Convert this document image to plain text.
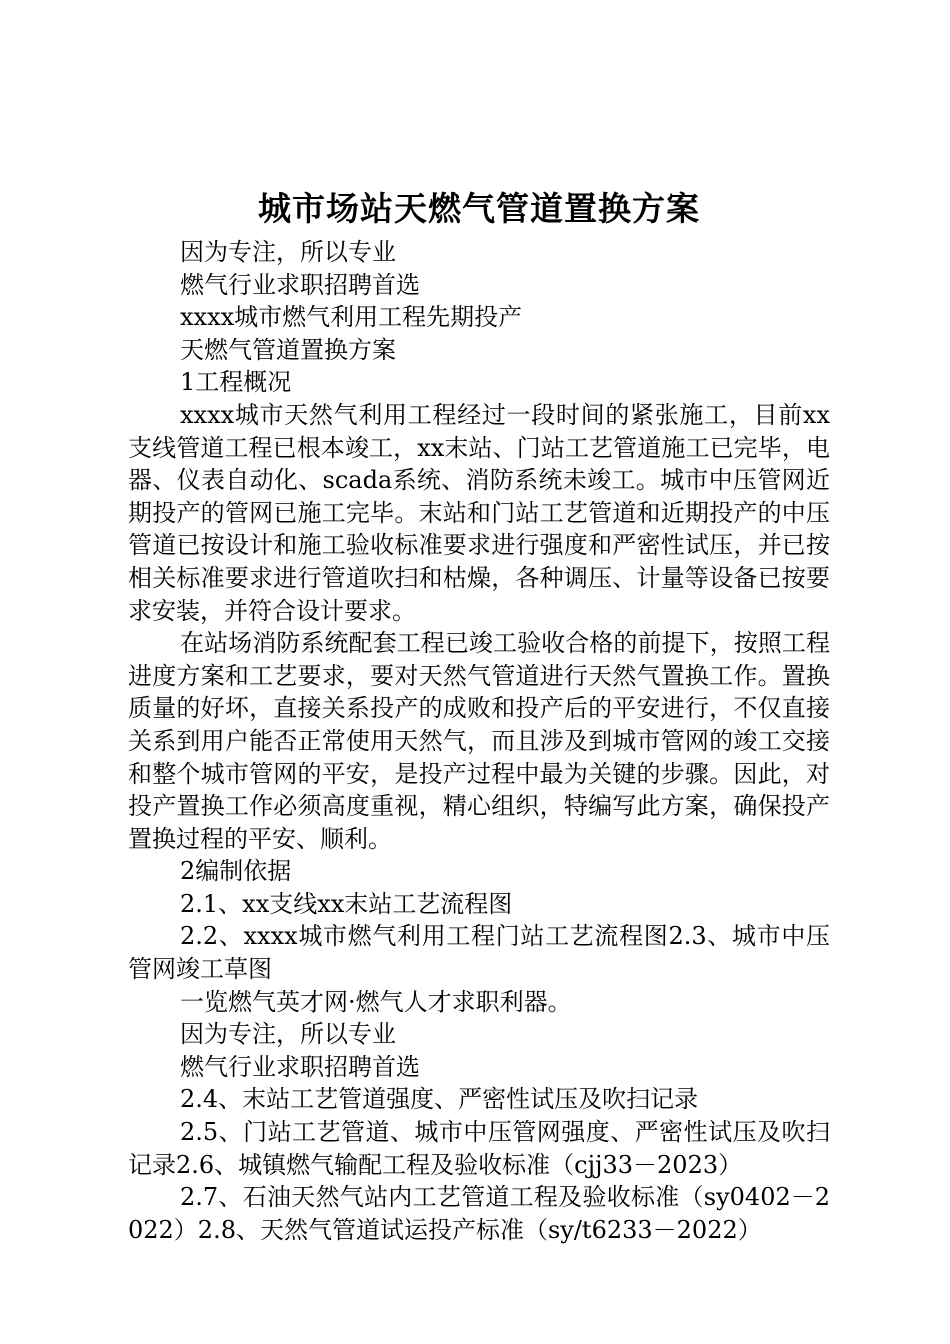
城市场站天燃气管道置换方案

因为专注，所以专业

燃气行业求职招聘首选

xxxx城市燃气利用工程先期投产

天燃气管道置换方案

1工程概况

xxxx城市天然气利用工程经过一段时间的紧张施工，目前xx支线管道工程已根本竣工，xx末站、门站工艺管道施工已完毕，电器、仪表自动化、scada系统、消防系统未竣工。城市中压管网近期投产的管网已施工完毕。末站和门站工艺管道和近期投产的中压管道已按设计和施工验收标准要求进行强度和严密性试压，并已按相关标准要求进行管道吹扫和枯燥，各种调压、计量等设备已按要求安装，并符合设计要求。

在站场消防系统配套工程已竣工验收合格的前提下，按照工程进度方案和工艺要求，要对天然气管道进行天然气置换工作。置换质量的好坏，直接关系投产的成败和投产后的平安进行，不仅直接关系到用户能否正常使用天然气，而且涉及到城市管网的竣工交接和整个城市管网的平安，是投产过程中最为关键的步骤。因此，对投产置换工作必须高度重视，精心组织，特编写此方案，确保投产置换过程的平安、顺利。

2编制依据

2.1、xx支线xx末站工艺流程图

2.2、xxxx城市燃气利用工程门站工艺流程图2.3、城市中压管网竣工草图

一览燃气英才网·燃气人才求职利器。

因为专注，所以专业

燃气行业求职招聘首选

2.4、末站工艺管道强度、严密性试压及吹扫记录

2.5、门站工艺管道、城市中压管网强度、严密性试压及吹扫记录2.6、城镇燃气输配工程及验收标准（cjj33－2023）

2.7、石油天然气站内工艺管道工程及验收标准（sy0402－2022）2.8、天然气管道试运投产标准（sy/t6233－2022）
